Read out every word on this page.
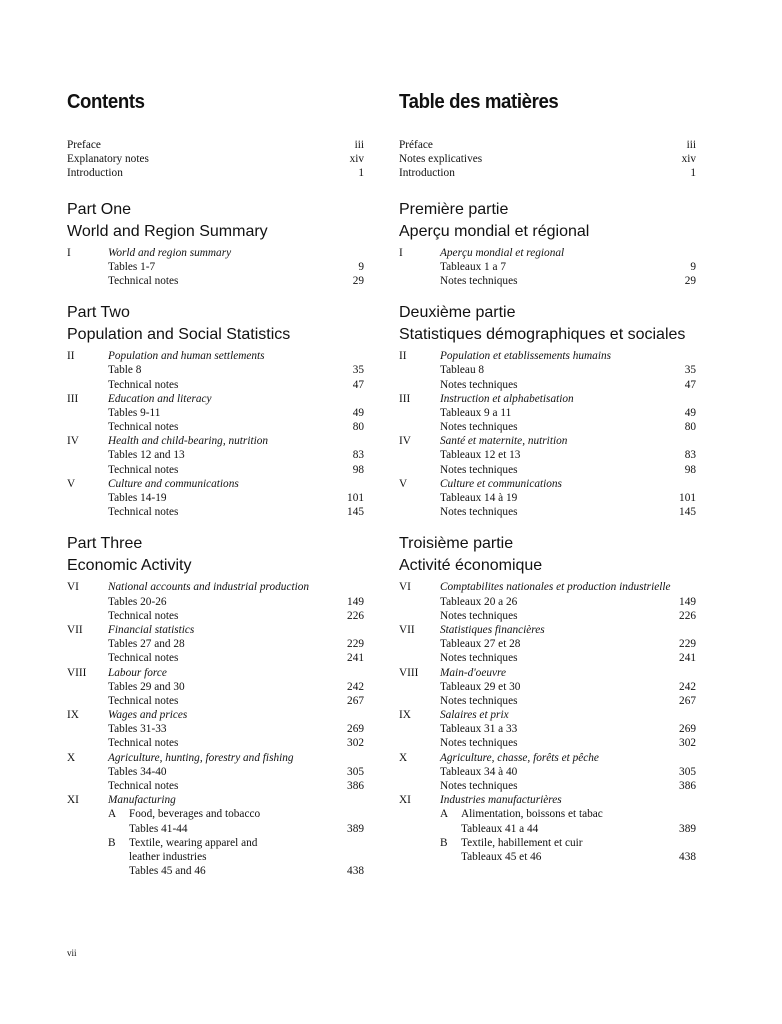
Contents
Preface	iii
Explanatory notes	xiv
Introduction	1
Part One
World and Region Summary
I	World and region summary
Tables 1-7	9
Technical notes	29
Part Two
Population and Social Statistics
II	Population and human settlements
Table 8	35
Technical notes	47
III	Education and literacy
Tables 9-11	49
Technical notes	80
IV	Health and child-bearing, nutrition
Tables 12 and 13	83
Technical notes	98
V	Culture and communications
Tables 14-19	101
Technical notes	145
Part Three
Economic Activity
VI	National accounts and industrial production
Tables 20-26	149
Technical notes	226
VII Financial statistics
Tables 27 and 28	229
Technical notes	241
VIII Labour force
Tables 29 and 30	242
Technical notes	267
IX	Wages and prices
Tables 31-33	269
Technical notes	302
X	Agriculture, hunting, forestry and fishing
Tables 34-40	305
Technical notes	386
XI	Manufacturing
A Food, beverages and tobacco
Tables 41-44	389
B Textile, wearing apparel and
leather industries
Tables 45 and 46	438
Table des matières
Préface	iii
Notes explicatives	xiv
Introduction	1
Première partie
Aperçu mondial et régional
I	Aperçu mondial et regional
Tableaux 1 a 7	9
Notes techniques	29
Deuxième partie
Statistiques démographiques et sociales
II	Population et etablissements humains
Tableau 8	35
Notes techniques	47
III	Instruction et alphabetisation
Tableaux 9 a 11	49
Notes techniques	80
IV	Santé et maternite, nutrition
Tableaux 12 et 13	83
Notes techniques	98
V	Culture et communications
Tableaux 14 à 19	101
Notes techniques	145
Troisième partie
Activité économique
VI	Comptabilites nationales et production industrielle
Tableaux 20 a 26	149
Notes techniques	226
VII Statistiques financières
Tableaux 27 et 28	229
Notes techniques	241
VIII Main-d'oeuvre
Tableaux 29 et 30	242
Notes techniques	267
IX	Salaires et prix
Tableaux 31 a 33	269
Notes techniques	302
X	Agriculture, chasse, forêts et pêche
Tableaux 34 à 40	305
Notes techniques	386
XI	Industries manufacturières
A Alimentation, boissons et tabac
Tableaux 41 a 44	389
B Textile, habillement et cuir
Tableaux 45 et 46	438
vii
